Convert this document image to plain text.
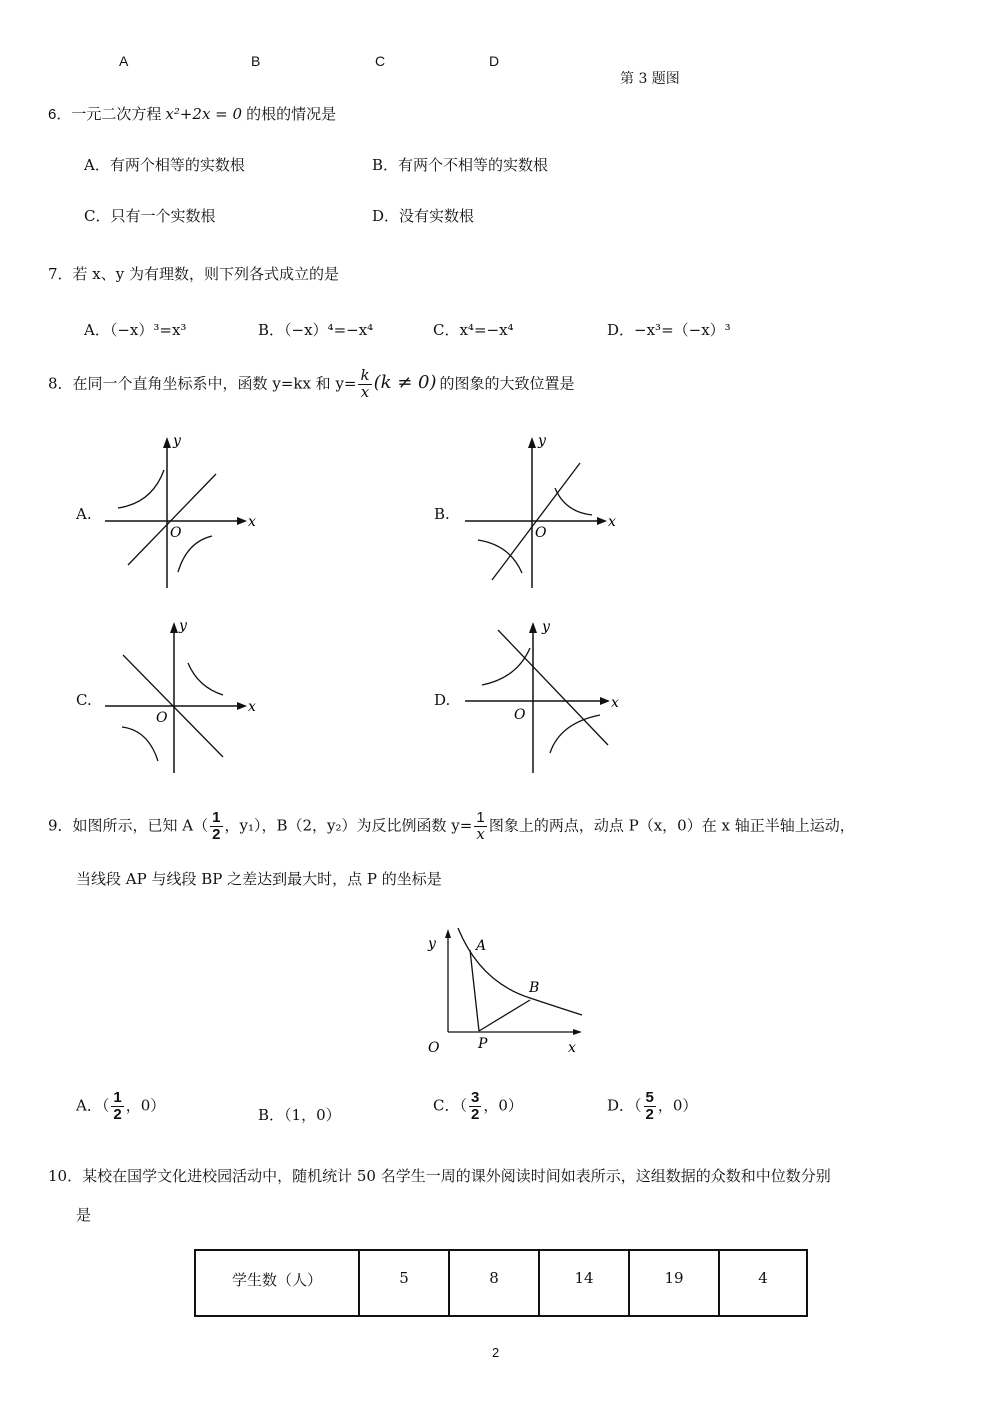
A	B	C	D
第 3 题图
6．一元二次方程 x²+2x = 0 的根的情况是
A．有两个相等的实数根	B．有两个不相等的实数根
C．只有一个实数根	D．没有实数根
7．若 x、y 为有理数，则下列各式成立的是
A．（−x）³=x³	B．（−x）⁴=−x⁴	C．x⁴=−x⁴	D．−x³=（−x）³
8．在同一个直角坐标系中，函数 y=kx 和 $y= \frac{k}{x} (k \ne 0)$ 的图象的大致位置是
A.	B.
C.	D.
x
y
O
x
y
O
x
y
O
x
y
O
9．如图所示，已知 $A( \frac{1}{2}$ ，y₁），B（2，y₂）为反比例函数 $y= \frac{1}{x}$ 图象上的两点，动点 P（x，0）在 x 轴正半轴上运动，
当线段 AP 与线段 BP 之差达到最大时，点 P 的坐标是
y	A
B
O	P	x
A．（ $\frac{1}{2}$ ，0）
B．（1，0）
C．（ $\frac{3}{2}$ ，0）	D．（ $\frac{5}{2}$ ，0）
10．某校在国学文化进校园活动中，随机统计 50 名学生一周的课外阅读时间如表所示，这组数据的众数和中位数分别
是
学生数（人）	5	8	14	19	4
2
